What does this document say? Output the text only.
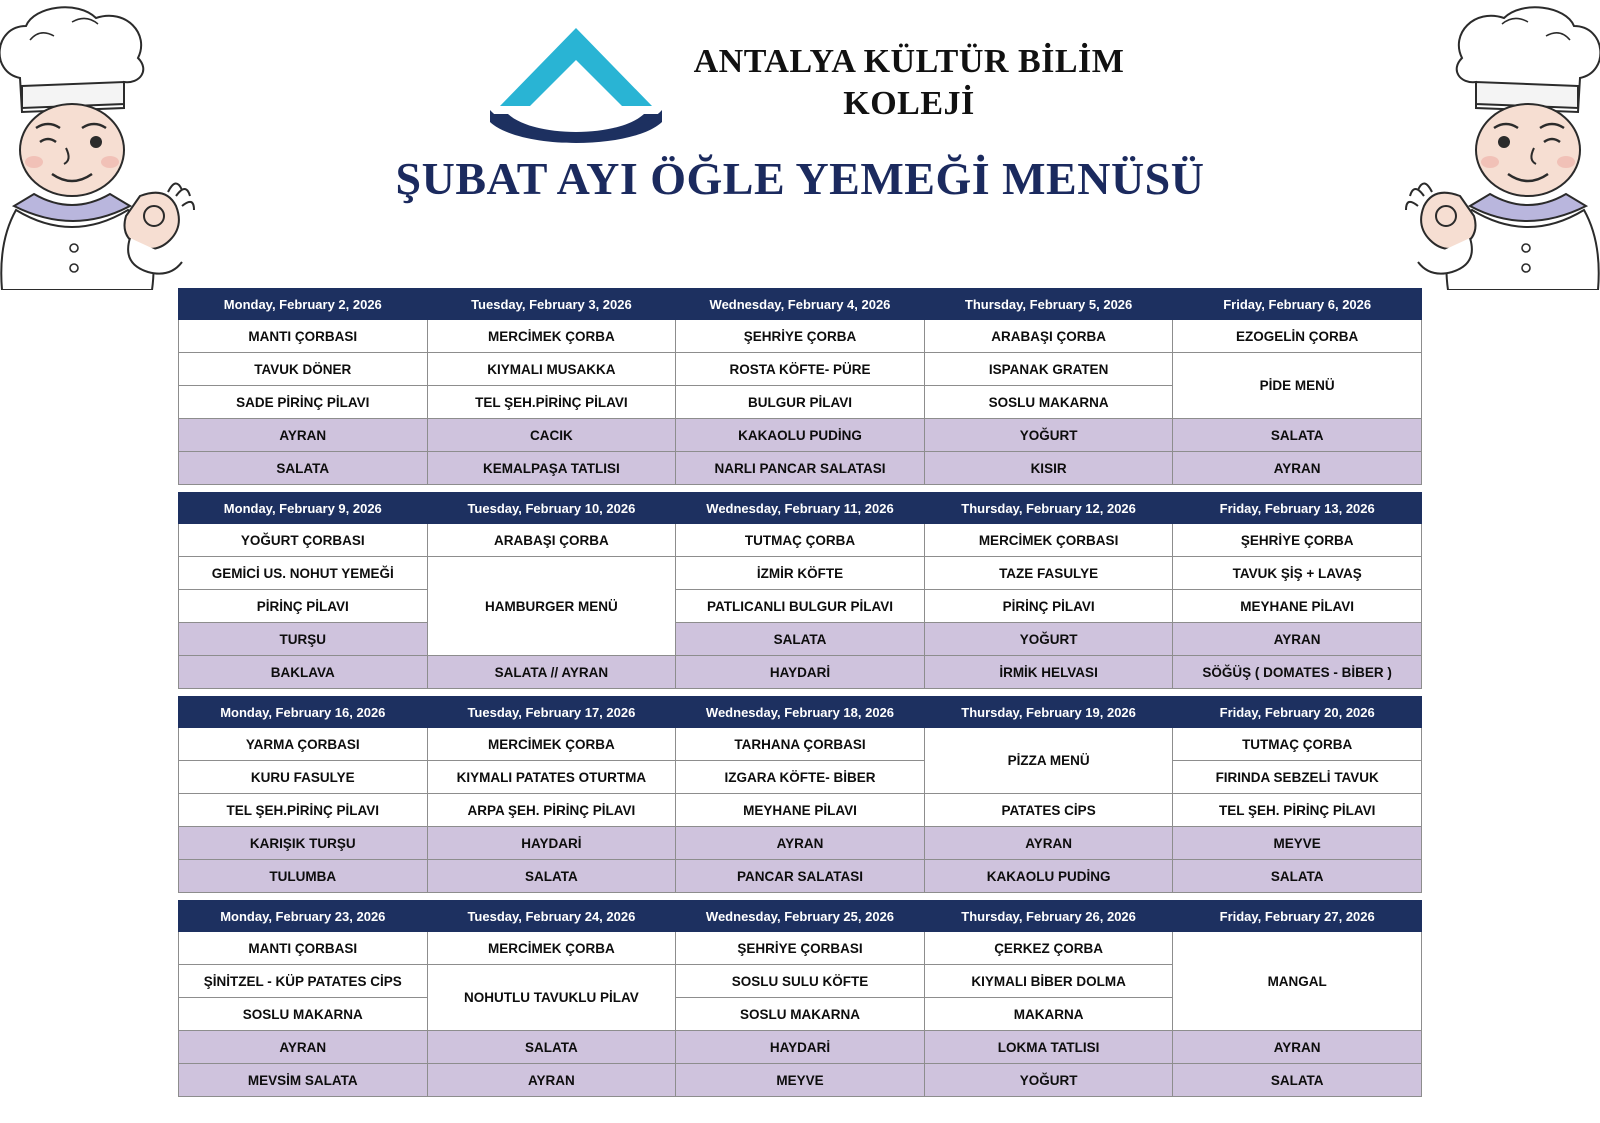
ANTALYA KÜLTÜR BİLİM
KOLEJİ
ŞUBAT AYI ÖĞLE YEMEĞİ MENÜSÜ
Monday, February 2, 2026	Tuesday, February 3, 2026	Wednesday, February 4, 2026	Thursday, February 5, 2026	Friday, February 6, 2026
MANTI ÇORBASI	MERCİMEK ÇORBA	ŞEHRİYE ÇORBA	ARABAŞI ÇORBA	EZOGELİN ÇORBA
TAVUK DÖNER	KIYMALI MUSAKKA	ROSTA KÖFTE- PÜRE	ISPANAK GRATEN	PİDE MENÜ
SADE PİRİNÇ PİLAVI	TEL ŞEH.PİRİNÇ PİLAVI	BULGUR PİLAVI	SOSLU MAKARNA	
AYRAN	CACIK	KAKAOLU PUDİNG	YOĞURT	SALATA
SALATA	KEMALPAŞA TATLISI	NARLI PANCAR SALATASI	KISIR	AYRAN

Monday, February 9, 2026	Tuesday, February 10, 2026	Wednesday, February 11, 2026	Thursday, February 12, 2026	Friday, February 13, 2026
YOĞURT ÇORBASI	ARABAŞI ÇORBA	TUTMAÇ ÇORBA	MERCİMEK ÇORBASI	ŞEHRİYE ÇORBA
GEMİCİ US. NOHUT YEMEĞİ	HAMBURGER MENÜ	İZMİR KÖFTE	TAZE FASULYE	TAVUK ŞİŞ + LAVAŞ
PİRİNÇ PİLAVI		PATLICANLI BULGUR PİLAVI	PİRİNÇ PİLAVI	MEYHANE PİLAVI
TURŞU		SALATA	YOĞURT	AYRAN
BAKLAVA	SALATA // AYRAN	HAYDARİ	İRMİK HELVASI	SÖĞÜŞ ( DOMATES - BİBER )

Monday, February 16, 2026	Tuesday, February 17, 2026	Wednesday, February 18, 2026	Thursday, February 19, 2026	Friday, February 20, 2026
YARMA ÇORBASI	MERCİMEK ÇORBA	TARHANA ÇORBASI	PİZZA MENÜ	TUTMAÇ ÇORBA
KURU FASULYE	KIYMALI PATATES OTURTMA	IZGARA KÖFTE- BİBER		FIRINDA SEBZELİ TAVUK
TEL ŞEH.PİRİNÇ PİLAVI	ARPA ŞEH. PİRİNÇ PİLAVI	MEYHANE PİLAVI	PATATES CİPS	TEL ŞEH. PİRİNÇ PİLAVI
KARIŞIK TURŞU	HAYDARİ	AYRAN	AYRAN	MEYVE
TULUMBA	SALATA	PANCAR SALATASI	KAKAOLU PUDİNG	SALATA

Monday, February 23, 2026	Tuesday, February 24, 2026	Wednesday, February 25, 2026	Thursday, February 26, 2026	Friday, February 27, 2026
MANTI ÇORBASI	MERCİMEK ÇORBA	ŞEHRİYE ÇORBASI	ÇERKEZ ÇORBA	MANGAL
ŞİNİTZEL - KÜP PATATES CİPS	NOHUTLU TAVUKLU PİLAV	SOSLU SULU KÖFTE	KIYMALI BİBER DOLMA	
SOSLU MAKARNA		SOSLU MAKARNA	MAKARNA	
AYRAN	SALATA	HAYDARİ	LOKMA TATLISI	AYRAN
MEVSİM SALATA	AYRAN	MEYVE	YOĞURT	SALATA
